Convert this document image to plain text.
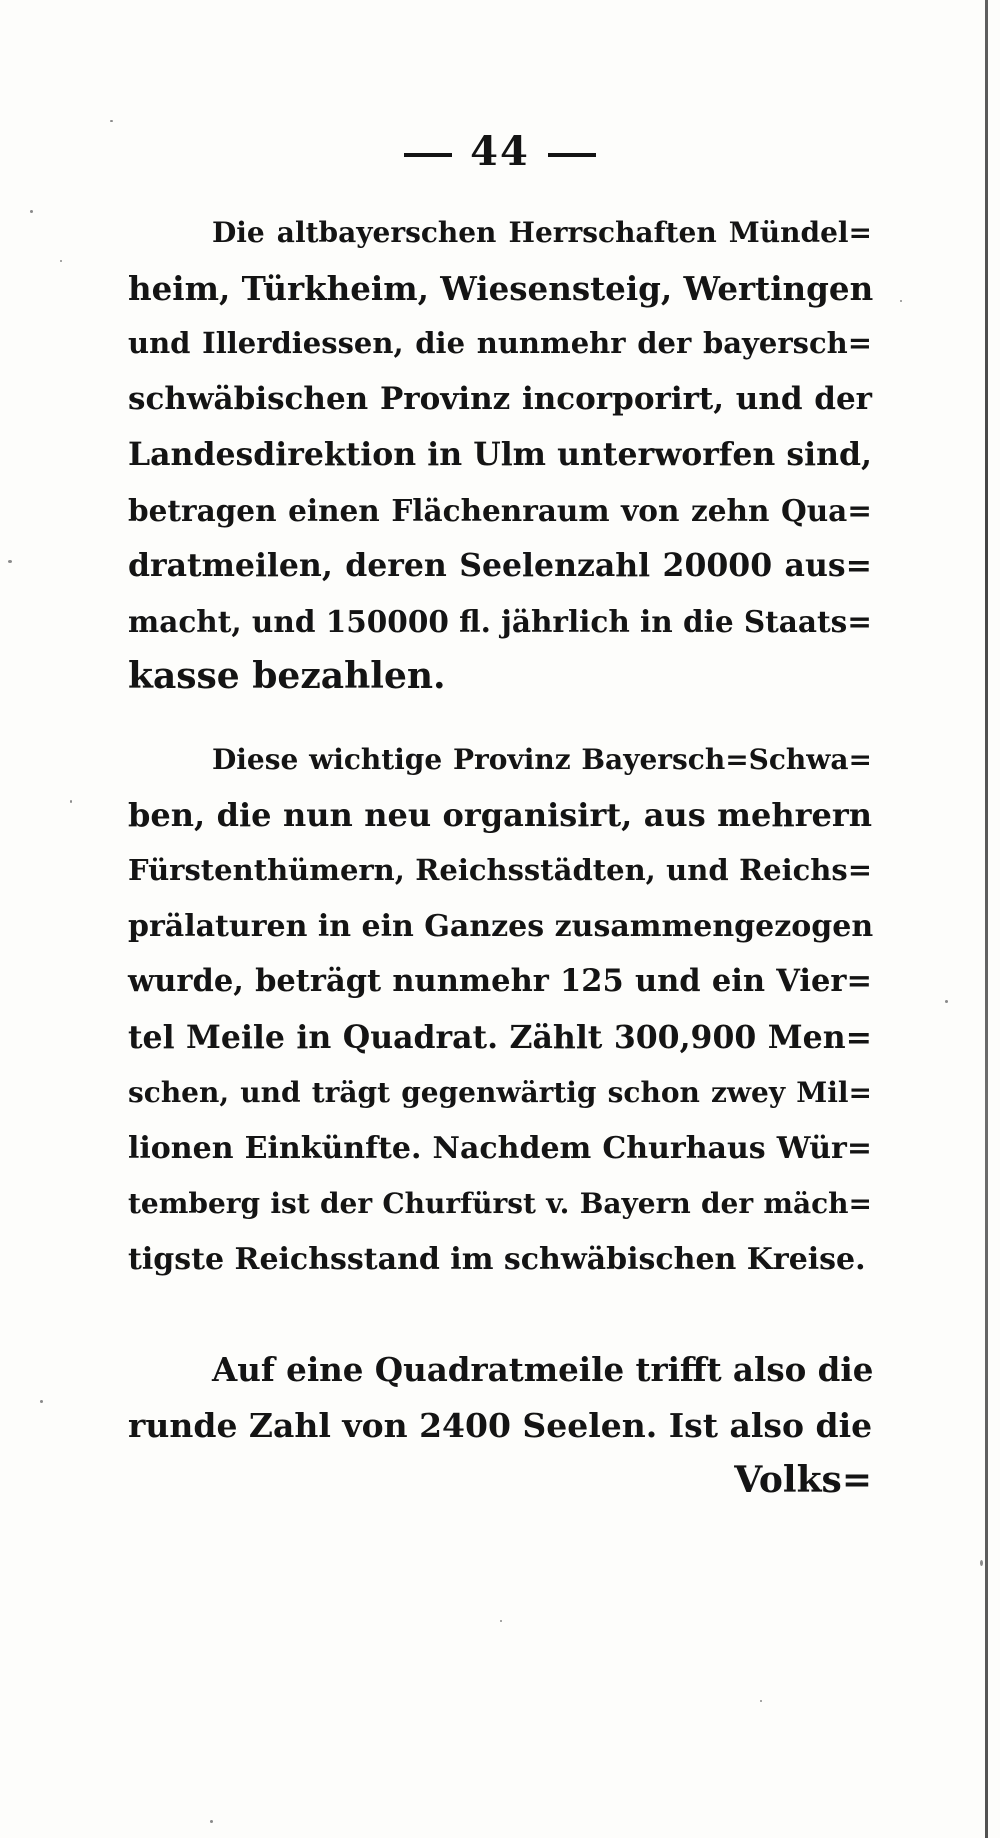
44
Die altbayerschen Herrschaften Mündel=
heim, Türkheim, Wiesensteig, Wertingen
und Illerdiessen, die nunmehr der bayersch=
schwäbischen Provinz incorporirt, und der
Landesdirektion in Ulm unterworfen sind,
betragen einen Flächenraum von zehn Qua=
dratmeilen, deren Seelenzahl 20000 aus=
macht, und 150000 fl. jährlich in die Staats=
kasse bezahlen.
Diese wichtige Provinz Bayersch=Schwa=
ben, die nun neu organisirt, aus mehrern
Fürstenthümern, Reichsstädten, und Reichs=
prälaturen in ein Ganzes zusammengezogen
wurde, beträgt nunmehr 125 und ein Vier=
tel Meile in Quadrat. Zählt 300,900 Men=
schen, und trägt gegenwärtig schon zwey Mil=
lionen Einkünfte. Nachdem Churhaus Wür=
temberg ist der Churfürst v. Bayern der mäch=
tigste Reichsstand im schwäbischen Kreise.
Auf eine Quadratmeile trifft also die
runde Zahl von 2400 Seelen. Ist also die
Volks=
